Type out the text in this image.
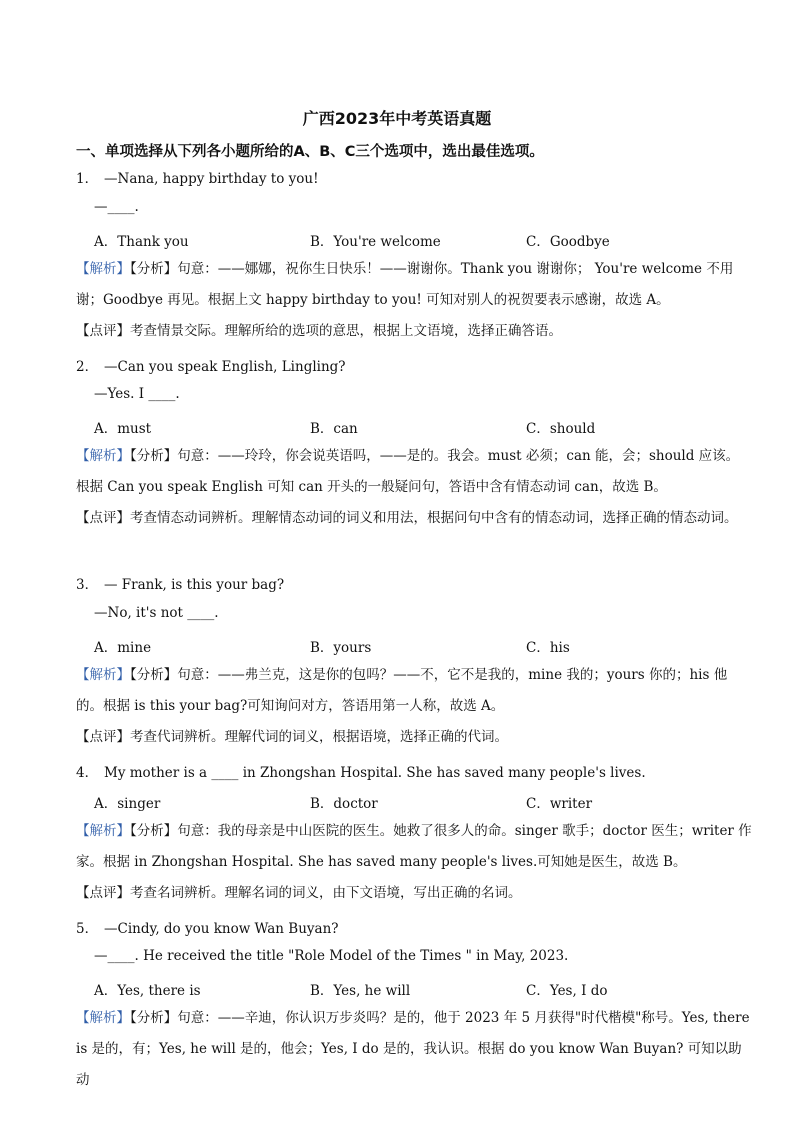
广西2023年中考英语真题
一、单项选择从下列各小题所给的A、B、C三个选项中，选出最佳选项。
1． —Nana, happy birthday to you!
—____.
A．Thank you	B．You're welcome	C．Goodbye
【解析】【分析】句意：——娜娜，祝你生日快乐！——谢谢你。Thank you 谢谢你； You're welcome 不用谢；Goodbye 再见。根据上文 happy birthday to you! 可知对别人的祝贺要表示感谢，故选 A。
【点评】考查情景交际。理解所给的选项的意思，根据上文语境，选择正确答语。
2． —Can you speak English, Lingling?
—Yes. I ____.
A．must	B．can	C．should
【解析】【分析】句意：——玲玲，你会说英语吗，——是的。我会。must 必须；can 能，会；should 应该。根据 Can you speak English 可知 can 开头的一般疑问句，答语中含有情态动词 can，故选 B。
【点评】考查情态动词辨析。理解情态动词的词义和用法，根据问句中含有的情态动词，选择正确的情态动词。
3． — Frank, is this your bag?
—No, it's not ____.
A．mine	B．yours	C．his
【解析】【分析】句意：——弗兰克，这是你的包吗？——不，它不是我的，mine 我的；yours 你的；his 他的。根据 is this your bag?可知询问对方，答语用第一人称，故选 A。
【点评】考查代词辨析。理解代词的词义，根据语境，选择正确的代词。
4． My mother is a ____ in Zhongshan Hospital. She has saved many people's lives.
A．singer	B．doctor	C．writer
【解析】【分析】句意：我的母亲是中山医院的医生。她救了很多人的命。singer 歌手；doctor 医生；writer 作家。根据 in Zhongshan Hospital. She has saved many people's lives.可知她是医生，故选 B。
【点评】考查名词辨析。理解名词的词义，由下文语境，写出正确的名词。
5． —Cindy, do you know Wan Buyan?
—____. He received the title "Role Model of the Times " in May, 2023.
A．Yes, there is	B．Yes, he will	C．Yes, I do
【解析】【分析】句意：——辛迪，你认识万步炎吗？是的，他于 2023 年 5 月获得"时代楷模"称号。Yes, there is 是的，有；Yes, he will 是的，他会；Yes, I do 是的，我认识。根据 do you know Wan Buyan? 可知以助动
